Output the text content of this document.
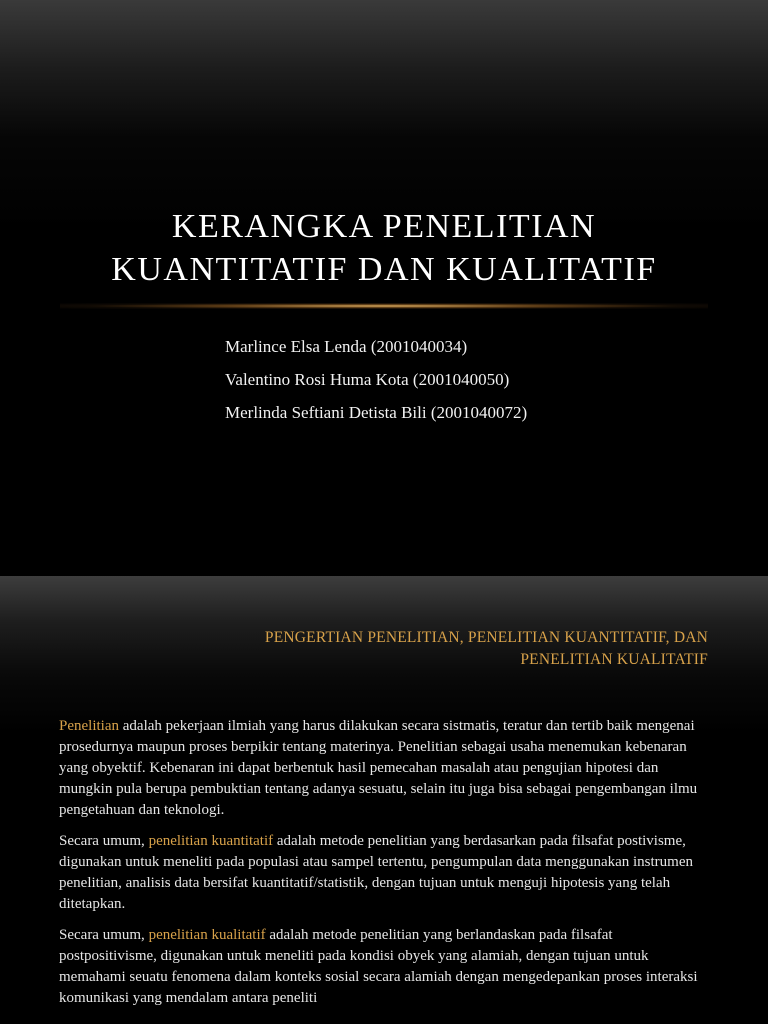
KERANGKA PENELITIAN
KUANTITATIF DAN KUALITATIF
Marlince Elsa Lenda (2001040034)
Valentino Rosi Huma Kota (2001040050)
Merlinda Seftiani Detista Bili (2001040072)
PENGERTIAN PENELITIAN, PENELITIAN KUANTITATIF, DAN
PENELITIAN KUALITATIF

Penelitian adalah pekerjaan ilmiah yang harus dilakukan secara sistmatis, teratur dan tertib baik mengenai prosedurnya maupun proses berpikir tentang materinya. Penelitian sebagai usaha menemukan kebenaran yang obyektif. Kebenaran ini dapat berbentuk hasil pemecahan masalah atau pengujian hipotesi dan mungkin pula berupa pembuktian tentang adanya sesuatu, selain itu juga bisa sebagai pengembangan ilmu pengetahuan dan teknologi.

Secara umum, penelitian kuantitatif adalah metode penelitian yang berdasarkan pada filsafat postivisme, digunakan untuk meneliti pada populasi atau sampel tertentu, pengumpulan data menggunakan instrumen penelitian, analisis data bersifat kuantitatif/statistik, dengan tujuan untuk menguji hipotesis yang telah ditetapkan.

Secara umum, penelitian kualitatif adalah metode penelitian yang berlandaskan pada filsafat postpositivisme, digunakan untuk meneliti pada kondisi obyek yang alamiah, dengan tujuan untuk memahami seuatu fenomena dalam konteks sosial secara alamiah dengan mengedepankan proses interaksi komunikasi yang mendalam antara peneliti
